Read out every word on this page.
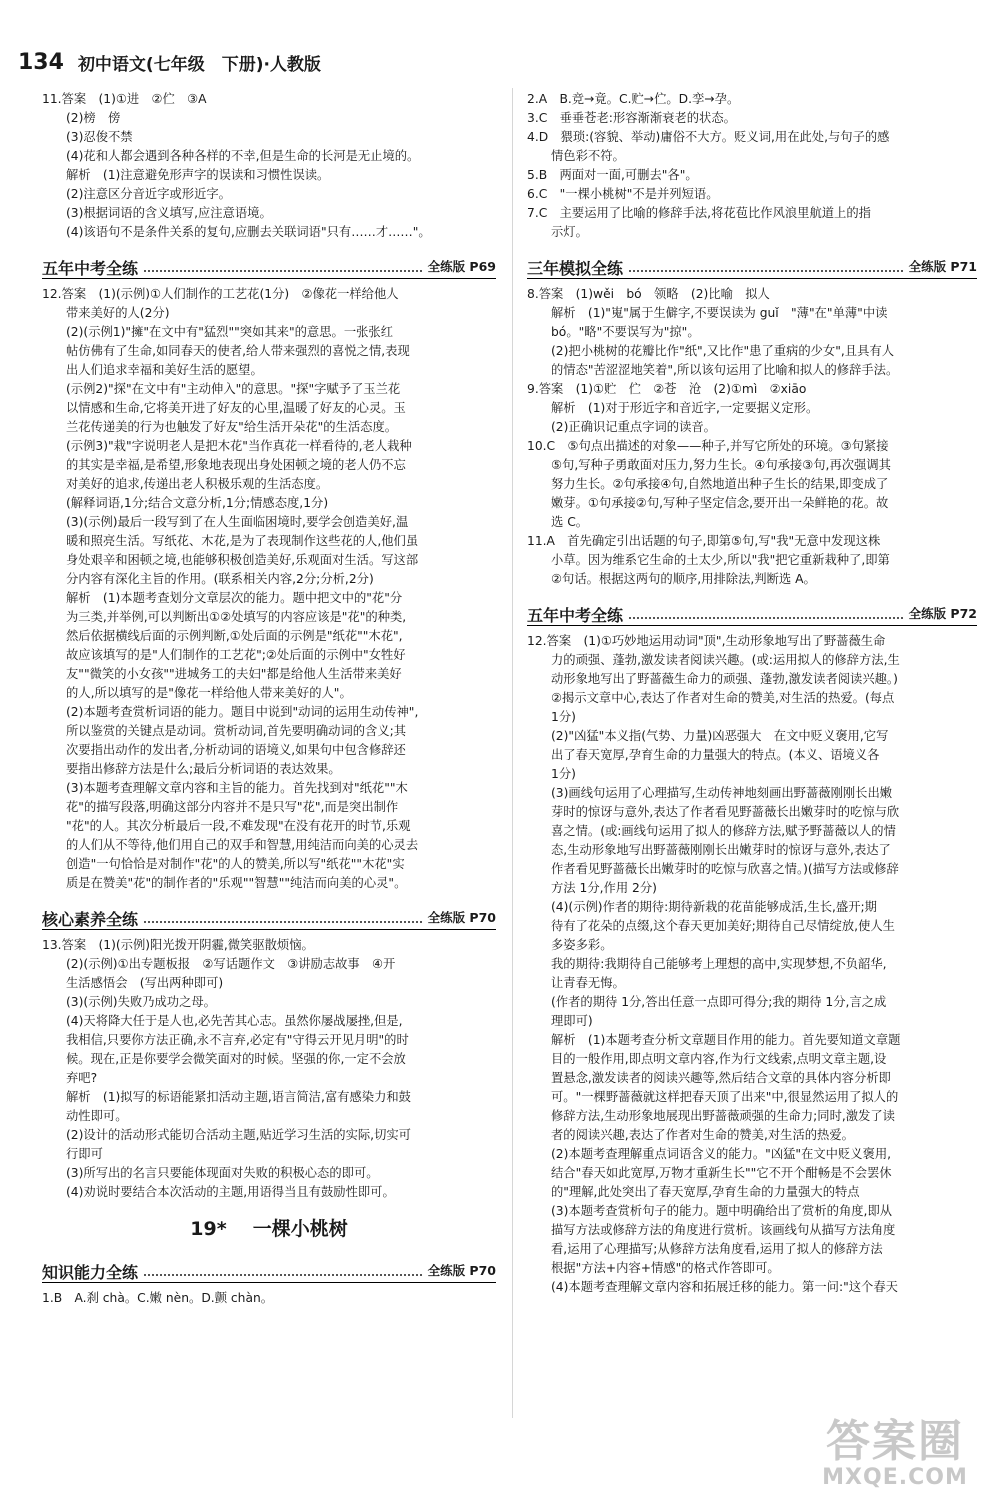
134 初中语文(七年级　下册)·人教版
11.答案　(1)①进　②伫　③A
(2)榜　傍
(3)忍俊不禁
(4)花和人都会遇到各种各样的不幸,但是生命的长河是无止境的。
解析　(1)注意避免形声字的误读和习惯性误读。
(2)注意区分音近字或形近字。
(3)根据词语的含义填写,应注意语境。
(4)该语句不是条件关系的复句,应删去关联词语"只有……才……"。
五年中考全练	全练版 P69
12.答案　(1)(示例)①人们制作的工艺花(1分)　②像花一样给他人
带来美好的人(2分)
(2)(示例1)"擁"在文中有"猛烈""突如其来"的意思。一张张红
帖仿佛有了生命,如同春天的使者,给人带来强烈的喜悦之情,表现
出人们追求幸福和美好生活的愿望。
(示例2)"探"在文中有"主动伸入"的意思。"探"字赋予了玉兰花
以情感和生命,它将美开进了好友的心里,温暖了好友的心灵。玉
兰花传递美的行为也触发了好友"给生活开朵花"的生活态度。
(示例3)"栽"字说明老人是把木花"当作真花一样看待的,老人栽种
的其实是幸福,是希望,形象地表现出身处困顿之境的老人仍不忘
对美好的追求,传递出老人积极乐观的生活态度。
(解释词语,1分;结合文意分析,1分;情感态度,1分)
(3)(示例)最后一段写到了在人生面临困境时,要学会创造美好,温
暖和照亮生活。写纸花、木花,是为了表现制作这些花的人,他们虽
身处艰辛和困顿之境,也能够积极创造美好,乐观面对生活。写这部
分内容有深化主旨的作用。(联系相关内容,2分;分析,2分)
解析　(1)本题考查划分文章层次的能力。题中把文中的"花"分
为三类,并举例,可以判断出①②处填写的内容应该是"花"的种类,
然后依据横线后面的示例判断,①处后面的示例是"纸花""木花",
故应该填写的是"人们制作的工艺花";②处后面的示例中"女牲好
友""微笑的小女孩""进城务工的夫妇"都是给他人生活带来美好
的人,所以填写的是"像花一样给他人带来美好的人"。
(2)本题考查赏析词语的能力。题目中说到"动词的运用生动传神",
所以鉴赏的关键点是动词。赏析动词,首先要明确动词的含义;其
次要指出动作的发出者,分析动词的语境义,如果句中包含修辞还
要指出修辞方法是什么;最后分析词语的表达效果。
(3)本题考查理解文章内容和主旨的能力。首先找到对"纸花""木
花"的描写段落,明确这部分内容并不是只写"花",而是突出制作
"花"的人。其次分析最后一段,不难发现"在没有花开的时节,乐观
的人们从不等待,他们用自己的双手和智慧,用纯洁而向美的心灵去
创造"一句恰恰是对制作"花"的人的赞美,所以写"纸花""木花"实
质是在赞美"花"的制作者的"乐观""智慧""纯洁而向美的心灵"。
核心素养全练	全练版 P70
13.答案　(1)(示例)阳光拨开阴霾,微笑驱散烦恼。
(2)(示例)①出专题板报　②写话题作文　③讲励志故事　④开
生活感悟会　(写出两种即可)
(3)(示例)失败乃成功之母。
(4)天将降大任于是人也,必先苦其心志。虽然你屡战屡挫,但是,
我相信,只要你方法正确,永不言弃,必定有"守得云开见月明"的时
候。现在,正是你要学会微笑面对的时候。坚强的你,一定不会放
弃吧?
解析　(1)拟写的标语能紧扣活动主题,语言简洁,富有感染力和鼓
动性即可。
(2)设计的活动形式能切合活动主题,贴近学习生活的实际,切实可
行即可
(3)所写出的名言只要能体现面对失败的积极心态的即可。
(4)劝说时要结合本次活动的主题,用语得当且有鼓励性即可。
19* 一棵小桃树
知识能力全练	全练版 P70
1.B　A.刹 chà。C.嫩 nèn。D.颤 chàn。
2.A　B.竞→竟。C.贮→伫。D.孪→孕。
3.C　垂垂苍老:形容渐渐衰老的状态。
4.D　猥琐:(容貌、举动)庸俗不大方。贬义词,用在此处,与句子的感
情色彩不符。
5.B　两面对一面,可删去"各"。
6.C　"一棵小桃树"不是并列短语。
7.C　主要运用了比喻的修辞手法,将花苞比作风浪里航道上的指
示灯。
三年模拟全练	全练版 P71
8.答案　(1)wěi　bó　领略　(2)比喻　拟人
解析　(1)"嵬"属于生僻字,不要误读为 guǐ　"薄"在"单薄"中读
bó。"略"不要误写为"掠"。
(2)把小桃树的花瓣比作"纸",又比作"患了重病的少女",且具有人
的情态"苦涩涩地笑着",所以该句运用了比喻和拟人的修辞手法。
9.答案　(1)①贮　伫　②苍　沧　(2)①mì　②xiāo
解析　(1)对于形近字和音近字,一定要据义定形。
(2)正确识记重点字词的读音。
10.C　⑤句点出描述的对象——种子,并写它所处的环境。③句紧接
⑤句,写种子勇敢面对压力,努力生长。④句承接③句,再次强调其
努力生长。②句承接④句,自然地道出种子生长的结果,即变成了
嫩芽。①句承接②句,写种子坚定信念,要开出一朵鲜艳的花。故
选 C。
11.A　首先确定引出话题的句子,即第⑤句,写"我"无意中发现这株
小草。因为维系它生命的土太少,所以"我"把它重新栽种了,即第
②句话。根据这两句的顺序,用排除法,判断选 A。
五年中考全练	全练版 P72
12.答案　(1)①巧妙地运用动词"顶",生动形象地写出了野蔷薇生命
力的顽强、蓬勃,激发读者阅读兴趣。(或:运用拟人的修辞方法,生
动形象地写出了野蔷薇生命力的顽强、蓬勃,激发读者阅读兴趣。)
②揭示文章中心,表达了作者对生命的赞美,对生活的热爱。(每点
1分)
(2)"凶猛"本义指(气势、力量)凶恶强大　在文中贬义褒用,它写
出了春天宽厚,孕育生命的力量强大的特点。(本义、语境义各
1分)
(3)画线句运用了心理描写,生动传神地刻画出野蔷薇刚刚长出嫩
芽时的惊讶与意外,表达了作者看见野蔷薇长出嫩芽时的吃惊与欣
喜之情。(或:画线句运用了拟人的修辞方法,赋予野蔷薇以人的情
态,生动形象地写出野蔷薇刚刚长出嫩芽时的惊讶与意外,表达了
作者看见野蔷薇长出嫩芽时的吃惊与欣喜之情。)(描写方法或修辞
方法 1分,作用 2分)
(4)(示例)作者的期待:期待新栽的花苗能够成活,生长,盛开;期
待有了花朵的点缀,这个春天更加美好;期待自己尽情绽放,使人生
多姿多彩。
我的期待:我期待自己能够考上理想的高中,实现梦想,不负韶华,
让青春无悔。
(作者的期待 1分,答出任意一点即可得分;我的期待 1分,言之成
理即可)
解析　(1)本题考查分析文章题目作用的能力。首先要知道文章题
目的一般作用,即点明文章内容,作为行文线索,点明文章主题,设
置悬念,激发读者的阅读兴趣等,然后结合文章的具体内容分析即
可。"一棵野蔷薇就这样把春天顶了出来"中,很显然运用了拟人的
修辞方法,生动形象地展现出野蔷薇顽强的生命力;同时,激发了读
者的阅读兴趣,表达了作者对生命的赞美,对生活的热爱。
(2)本题考查理解重点词语含义的能力。"凶猛"在文中贬义褒用,
结合"春天如此宽厚,万物才重新生长""它不开个酣畅是不会罢休
的"理解,此处突出了春天宽厚,孕育生命的力量强大的特点
(3)本题考查赏析句子的能力。题中明确给出了赏析的角度,即从
描写方法或修辞方法的角度进行赏析。该画线句从描写方法角度
看,运用了心理描写;从修辞方法角度看,运用了拟人的修辞方法
根据"方法+内容+情感"的格式作答即可。
(4)本题考查理解文章内容和拓展迁移的能力。第一问:"这个春天
答案圈
MXQE.COM
